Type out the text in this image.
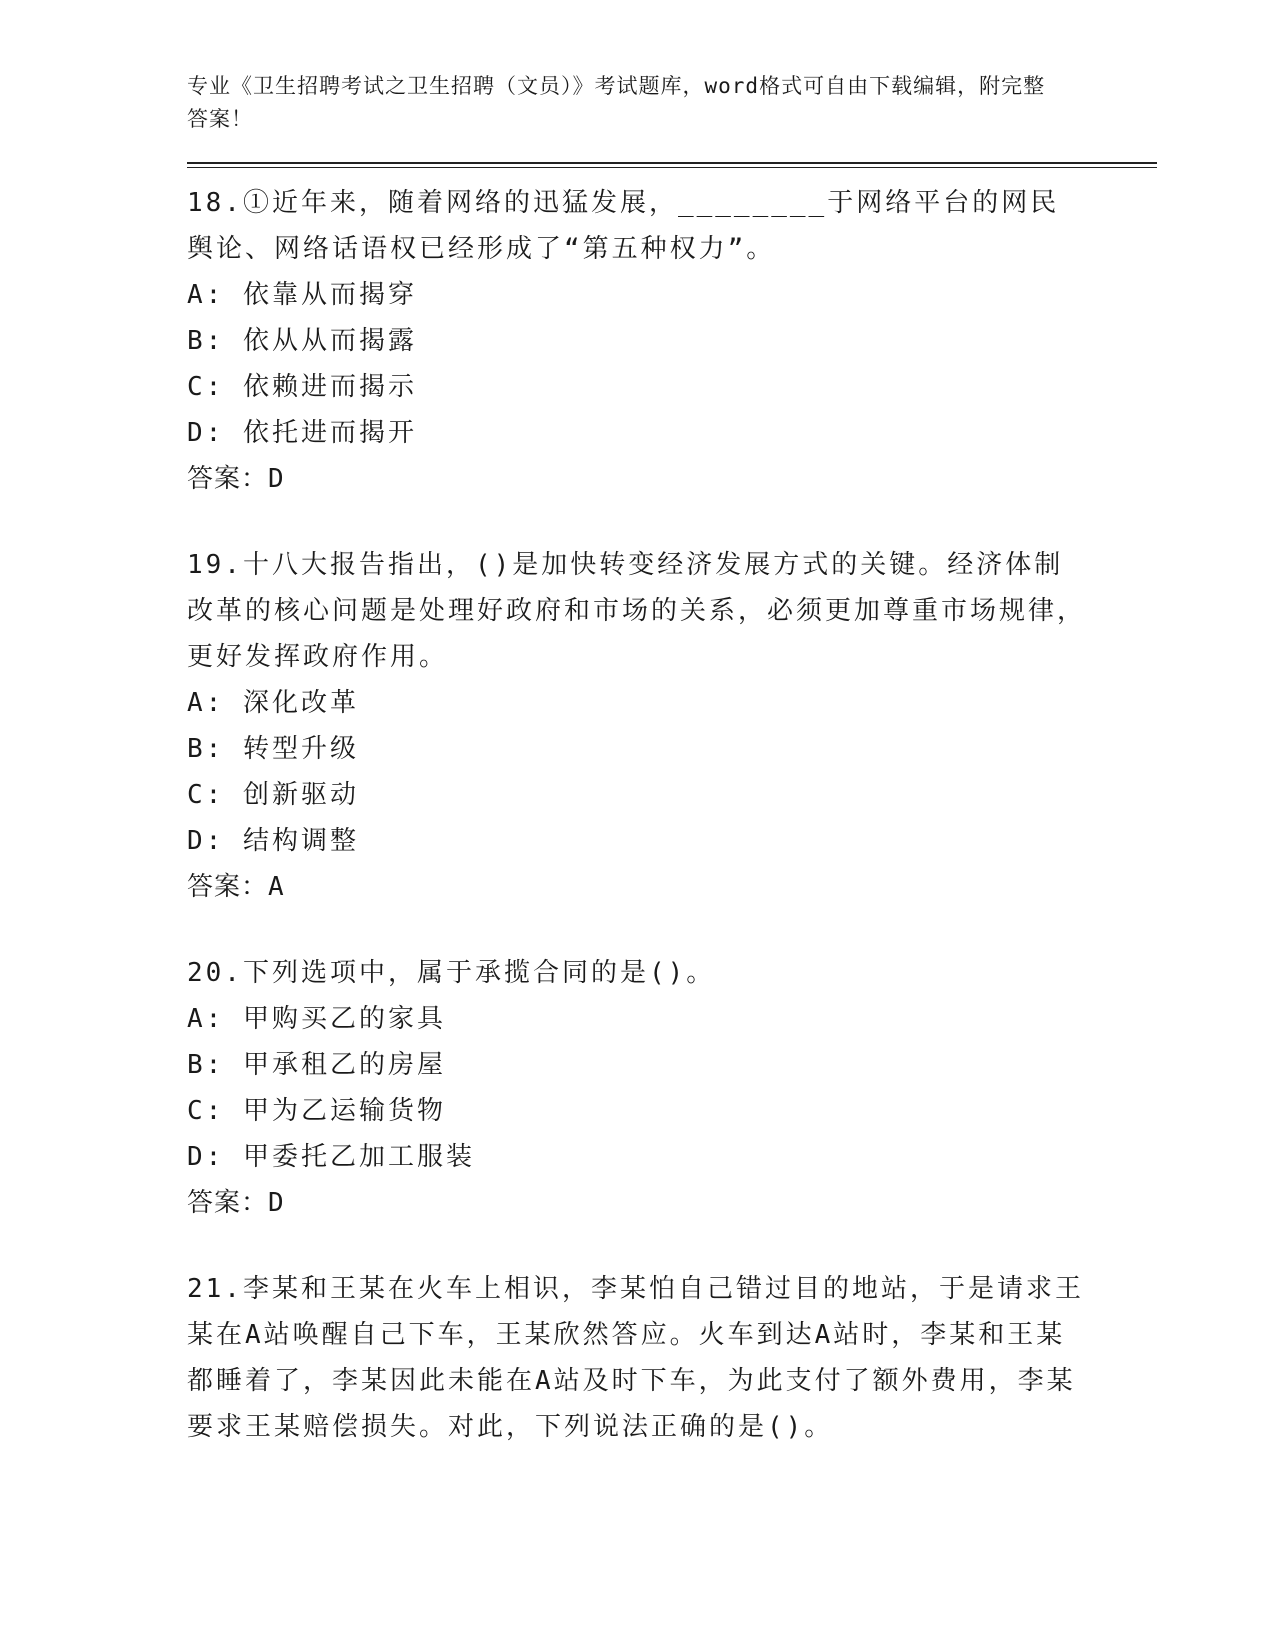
专业《卫生招聘考试之卫生招聘（文员）》考试题库，word格式可自由下载编辑，附完整答案！
18.①近年来，随着网络的迅猛发展，________于网络平台的网民舆论、网络话语权已经形成了“第五种权力”。
A: 依靠从而揭穿
B: 依从从而揭露
C: 依赖进而揭示
D: 依托进而揭开
答案：D
19.十八大报告指出，()是加快转变经济发展方式的关键。经济体制改革的核心问题是处理好政府和市场的关系，必须更加尊重市场规律，更好发挥政府作用。
A: 深化改革
B: 转型升级
C: 创新驱动
D: 结构调整
答案：A
20.下列选项中，属于承揽合同的是()。
A: 甲购买乙的家具
B: 甲承租乙的房屋
C: 甲为乙运输货物
D: 甲委托乙加工服装
答案：D
21.李某和王某在火车上相识，李某怕自己错过目的地站，于是请求王某在A站唤醒自己下车，王某欣然答应。火车到达A站时，李某和王某都睡着了，李某因此未能在A站及时下车，为此支付了额外费用，李某要求王某赔偿损失。对此，下列说法正确的是()。
